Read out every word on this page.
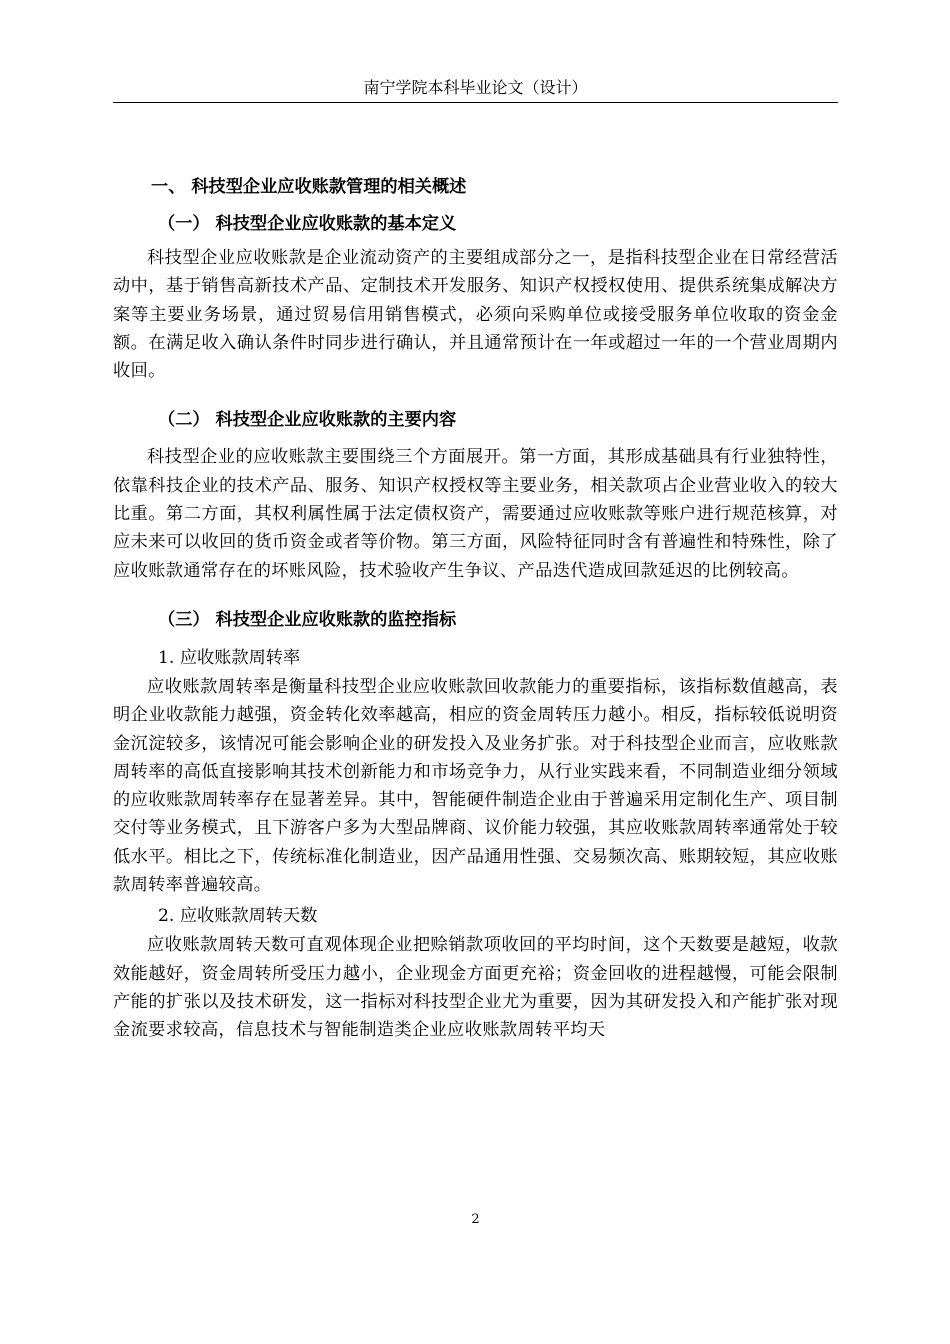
南宁学院本科毕业论文（设计）
一、 科技型企业应收账款管理的相关概述
（一） 科技型企业应收账款的基本定义

科技型企业应收账款是企业流动资产的主要组成部分之一，是指科技型企业在日常经营活动中，基于销售高新技术产品、定制技术开发服务、知识产权授权使用、提供系统集成解决方案等主要业务场景，通过贸易信用销售模式，必须向采购单位或接受服务单位收取的资金金额。在满足收入确认条件时同步进行确认，并且通常预计在一年或超过一年的一个营业周期内收回。

（二） 科技型企业应收账款的主要内容

科技型企业的应收账款主要围绕三个方面展开。第一方面，其形成基础具有行业独特性，依靠科技企业的技术产品、服务、知识产权授权等主要业务，相关款项占企业营业收入的较大比重。第二方面，其权利属性属于法定债权资产，需要通过应收账款等账户进行规范核算，对应未来可以收回的货币资金或者等价物。第三方面，风险特征同时含有普遍性和特殊性，除了应收账款通常存在的坏账风险，技术验收产生争议、产品迭代造成回款延迟的比例较高。

（三） 科技型企业应收账款的监控指标
1. 应收账款周转率

应收账款周转率是衡量科技型企业应收账款回收款能力的重要指标，该指标数值越高，表明企业收款能力越强，资金转化效率越高，相应的资金周转压力越小。相反，指标较低说明资金沉淀较多，该情况可能会影响企业的研发投入及业务扩张。对于科技型企业而言，应收账款周转率的高低直接影响其技术创新能力和市场竞争力，从行业实践来看，不同制造业细分领域的应收账款周转率存在显著差异。其中，智能硬件制造企业由于普遍采用定制化生产、项目制交付等业务模式，且下游客户多为大型品牌商、议价能力较强，其应收账款周转率通常处于较低水平。相比之下，传统标准化制造业，因产品通用性强、交易频次高、账期较短，其应收账款周转率普遍较高。

2. 应收账款周转天数

应收账款周转天数可直观体现企业把赊销款项收回的平均时间，这个天数要是越短，收款效能越好，资金周转所受压力越小，企业现金方面更充裕；资金回收的进程越慢，可能会限制产能的扩张以及技术研发，这一指标对科技型企业尤为重要，因为其研发投入和产能扩张对现金流要求较高，信息技术与智能制造类企业应收账款周转平均天

2
